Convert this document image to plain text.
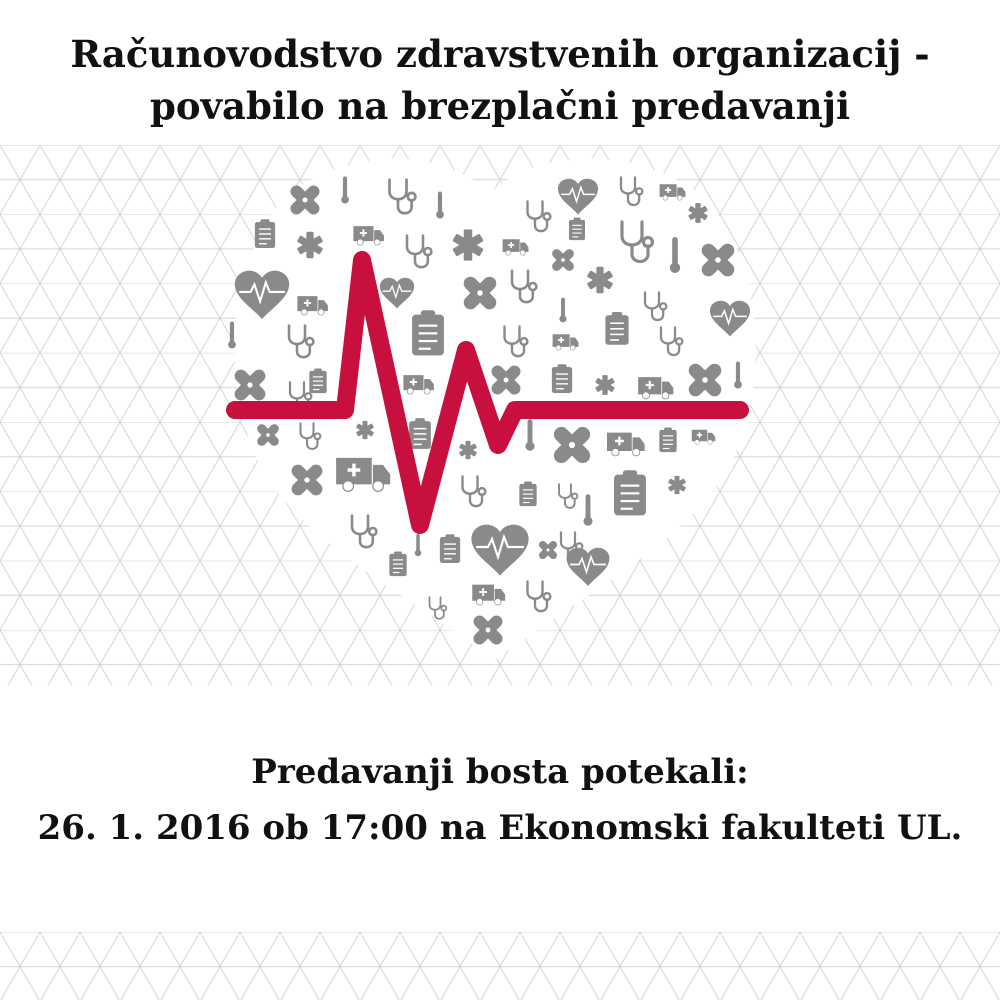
Računovodstvo zdravstvenih organizacij -
povabilo na brezplačni predavanji

Predavanji bosta potekali:
26. 1. 2016 ob 17:00 na Ekonomski fakulteti UL.
